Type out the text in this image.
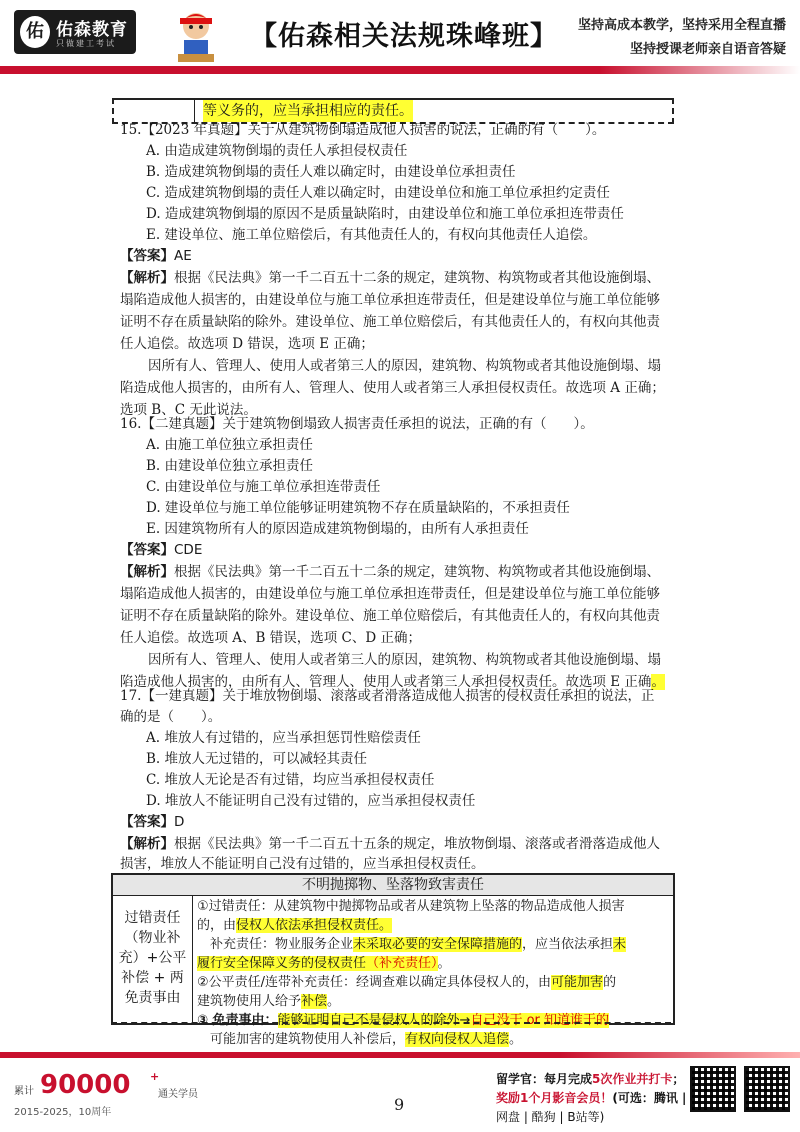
佑 佑森教育
只做建工考试	【佑森相关法规珠峰班】 坚持高成本教学，坚持采用全程直播
坚持授课老师亲自语音答疑
等义务的，应当承担相应的责任。
15.【2023 年真题】关于从建筑物倒塌造成他人损害的说法，正确的有（　　）。
A. 由造成建筑物倒塌的责任人承担侵权责任
B. 造成建筑物倒塌的责任人难以确定时，由建设单位承担责任
C. 造成建筑物倒塌的责任人难以确定时，由建设单位和施工单位承担约定责任
D. 造成建筑物倒塌的原因不是质量缺陷时，由建设单位和施工单位承担连带责任
E. 建设单位、施工单位赔偿后，有其他责任人的，有权向其他责任人追偿。
【答案】AE
【解析】根据《民法典》第一千二百五十二条的规定，建筑物、构筑物或者其他设施倒塌、
塌陷造成他人损害的，由建设单位与施工单位承担连带责任，但是建设单位与施工单位能够
证明不存在质量缺陷的除外。建设单位、施工单位赔偿后，有其他责任人的，有权向其他责
任人追偿。故选项 D 错误，选项 E 正确；
因所有人、管理人、使用人或者第三人的原因，建筑物、构筑物或者其他设施倒塌、塌
陷造成他人损害的，由所有人、管理人、使用人或者第三人承担侵权责任。故选项 A 正确；
选项 B、C 无此说法。
16.【二建真题】关于建筑物倒塌致人损害责任承担的说法，正确的有（　　）。
A. 由施工单位独立承担责任
B. 由建设单位独立承担责任
C. 由建设单位与施工单位承担连带责任
D. 建设单位与施工单位能够证明建筑物不存在质量缺陷的，不承担责任
E. 因建筑物所有人的原因造成建筑物倒塌的，由所有人承担责任
【答案】CDE
【解析】根据《民法典》第一千二百五十二条的规定，建筑物、构筑物或者其他设施倒塌、
塌陷造成他人损害的，由建设单位与施工单位承担连带责任，但是建设单位与施工单位能够
证明不存在质量缺陷的除外。建设单位、施工单位赔偿后，有其他责任人的，有权向其他责
任人追偿。故选项 A、B 错误，选项 C、D 正确；
因所有人、管理人、使用人或者第三人的原因，建筑物、构筑物或者其他设施倒塌、塌
陷造成他人损害的，由所有人、管理人、使用人或者第三人承担侵权责任。故选项 E 正确。
17.【一建真题】关于堆放物倒塌、滚落或者滑落造成他人损害的侵权责任承担的说法，正
确的是（　　）。
A. 堆放人有过错的，应当承担惩罚性赔偿责任
B. 堆放人无过错的，可以减轻其责任
C. 堆放人无论是否有过错，均应当承担侵权责任
D. 堆放人不能证明自己没有过错的，应当承担侵权责任
【答案】D
【解析】根据《民法典》第一千二百五十五条的规定，堆放物倒塌、滚落或者滑落造成他人
损害，堆放人不能证明自己没有过错的，应当承担侵权责任。
不明抛掷物、坠落物致害责任
过错责任
（物业补
充）+公平
补偿 + 两
免责事由
①过错责任：从建筑物中抛掷物品或者从建筑物上坠落的物品造成他人损害
的，由侵权人依法承担侵权责任。
　补充责任：物业服务企业未采取必要的安全保障措施的，应当依法承担未
履行安全保障义务的侵权责任（补充责任）。
②公平责任/连带补充责任：经调查难以确定具体侵权人的，由可能加害的
建筑物使用人给予补偿。
③ 免责事由：能够证明自己不是侵权人的除外→自己没干 or 知道谁干的
　可能加害的建筑物使用人补偿后，有权向侵权人追偿。
累计 90000 +
通关学员
2015-2025，10周年	9
留学官：每月完成5次作业并打卡；
奖励1个月影音会员！(可选：腾讯 |
网盘 | 酷狗 | B站等)
